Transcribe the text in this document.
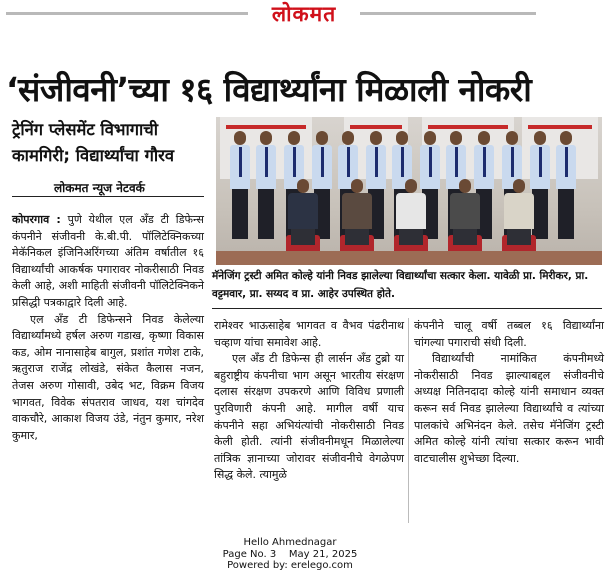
लोकमत
‘संजीवनी’च्या १६ विद्यार्थ्यांना मिळाली नोकरी
ट्रेनिंग प्लेसमेंट विभागाची कामगिरी; विद्यार्थ्यांचा गौरव
लोकमत न्यूज नेटवर्क
मॅनेजिंग ट्रस्टी अमित कोल्हे यांनी निवड झालेल्या विद्यार्थ्यांचा सत्कार केला. यावेळी प्रा. मिरीकर, प्रा. वट्टमवार, प्रा. सय्यद व प्रा. आहेर उपस्थित होते.

कोपरगाव : पुणे येथील एल अँड टी डिफेन्स कंपनीने संजीवनी के.बी.पी. पॉलिटेक्निकच्या मेकॅनिकल इंजिनिअरिंगच्या अंतिम वर्षातील १६ विद्यार्थ्यांची आकर्षक पगारावर नोकरीसाठी निवड केली आहे, अशी माहिती संजीवनी पॉलिटेक्निकने प्रसिद्धी पत्रकाद्वारे दिली आहे.

एल अँड टी डिफेन्सने निवड केलेल्या विद्यार्थ्यांमध्ये हर्षल अरुण गडाख, कृष्णा विकास कड, ओम नानासाहेब बागुल, प्रशांत गणेश टाके, ऋतुराज राजेंद्र लोखंडे, संकेत कैलास नजन, तेजस अरुण गोसावी, उबेद भट, विक्रम विजय भागवत, विवेक संपतराव जाधव, यश चांगदेव वाकचौरे, आकाश विजय उंडे, नंतुन कुमार, नरेश कुमार,

रामेश्वर भाऊसाहेब भागवत व वैभव पंढरीनाथ चव्हाण यांचा समावेश आहे.

एल अँड टी डिफेन्स ही लार्सन अँड टुब्रो या बहुराष्ट्रीय कंपनीचा भाग असून भारतीय संरक्षण दलास संरक्षण उपकरणे आणि विविध प्रणाली पुरविणारी कंपनी आहे. मागील वर्षी याच कंपनीने सहा अभियंत्यांची नोकरीसाठी निवड केली होती. त्यांनी संजीवनीमधून मिळालेल्या तांत्रिक ज्ञानाच्या जोरावर संजीवनीचे वेगळेपण सिद्ध केले. त्यामुळे

कंपनीने चालू वर्षी तब्बल १६ विद्यार्थ्यांना चांगल्या पगाराची संधी दिली.

विद्यार्थ्यांची नामांकित कंपनीमध्ये नोकरीसाठी निवड झाल्याबद्दल संजीवनीचे अध्यक्ष नितिनदादा कोल्हे यांनी समाधान व्यक्त करून सर्व निवड झालेल्या विद्यार्थ्यांचे व त्यांच्या पालकांचे अभिनंदन केले. तसेच मॅनेजिंग ट्रस्टी अमित कोल्हे यांनी त्यांचा सत्कार करून भावी वाटचालीस शुभेच्छा दिल्या.

Hello Ahmednagar
Page No. 3    May 21, 2025
Powered by: erelego.com
